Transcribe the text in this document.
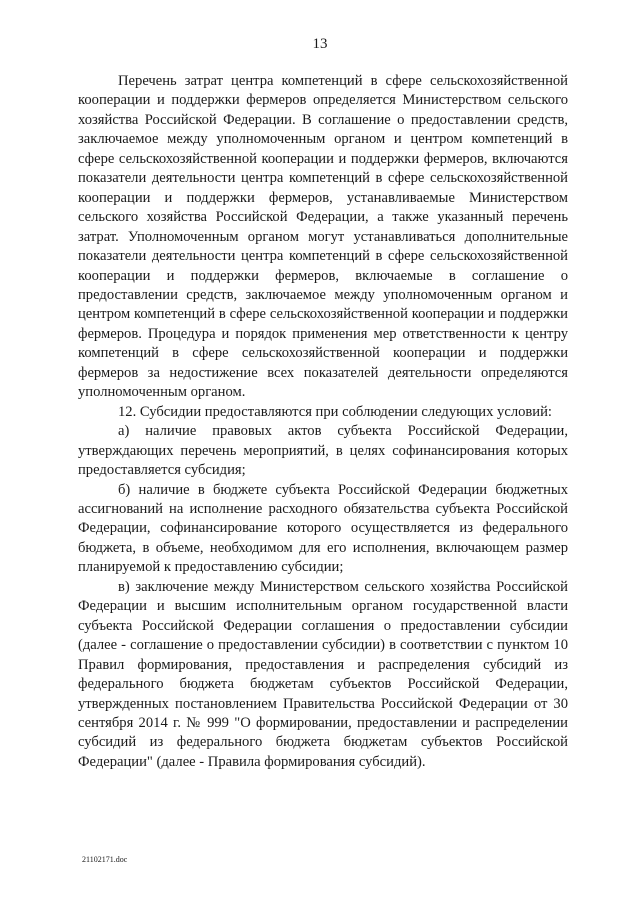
13

Перечень затрат центра компетенций в сфере сельскохозяйственной кооперации и поддержки фермеров определяется Министерством сельского хозяйства Российской Федерации. В соглашение о предоставлении средств, заключаемое между уполномоченным органом и центром компетенций в сфере сельскохозяйственной кооперации и поддержки фермеров, включаются показатели деятельности центра компетенций в сфере сельскохозяйственной кооперации и поддержки фермеров, устанавливаемые Министерством сельского хозяйства Российской Федерации, а также указанный перечень затрат. Уполномоченным органом могут устанавливаться дополнительные показатели деятельности центра компетенций в сфере сельскохозяйственной кооперации и поддержки фермеров, включаемые в соглашение о предоставлении средств, заключаемое между уполномоченным органом и центром компетенций в сфере сельскохозяйственной кооперации и поддержки фермеров. Процедура и порядок применения мер ответственности к центру компетенций в сфере сельскохозяйственной кооперации и поддержки фермеров за недостижение всех показателей деятельности определяются уполномоченным органом.

12. Субсидии предоставляются при соблюдении следующих условий:

а) наличие правовых актов субъекта Российской Федерации, утверждающих перечень мероприятий, в целях софинансирования которых предоставляется субсидия;

б) наличие в бюджете субъекта Российской Федерации бюджетных ассигнований на исполнение расходного обязательства субъекта Российской Федерации, софинансирование которого осуществляется из федерального бюджета, в объеме, необходимом для его исполнения, включающем размер планируемой к предоставлению субсидии;

в) заключение между Министерством сельского хозяйства Российской Федерации и высшим исполнительным органом государственной власти субъекта Российской Федерации соглашения о предоставлении субсидии (далее - соглашение о предоставлении субсидии) в соответствии с пунктом 10 Правил формирования, предоставления и распределения субсидий из федерального бюджета бюджетам субъектов Российской Федерации, утвержденных постановлением Правительства Российской Федерации от 30 сентября 2014 г. № 999 "О формировании, предоставлении и распределении субсидий из федерального бюджета бюджетам субъектов Российской Федерации" (далее - Правила формирования субсидий).

21102171.doc
